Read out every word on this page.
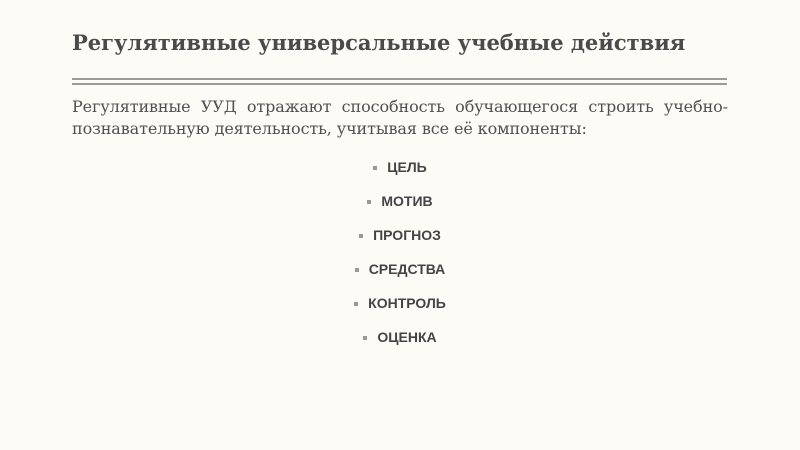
Регулятивные универсальные учебные действия
Регулятивные УУД отражают способность обучающегося строить учебно-познавательную деятельность, учитывая все её компоненты:
ЦЕЛЬ
МОТИВ
ПРОГНОЗ
СРЕДСТВА
КОНТРОЛЬ
ОЦЕНКА
